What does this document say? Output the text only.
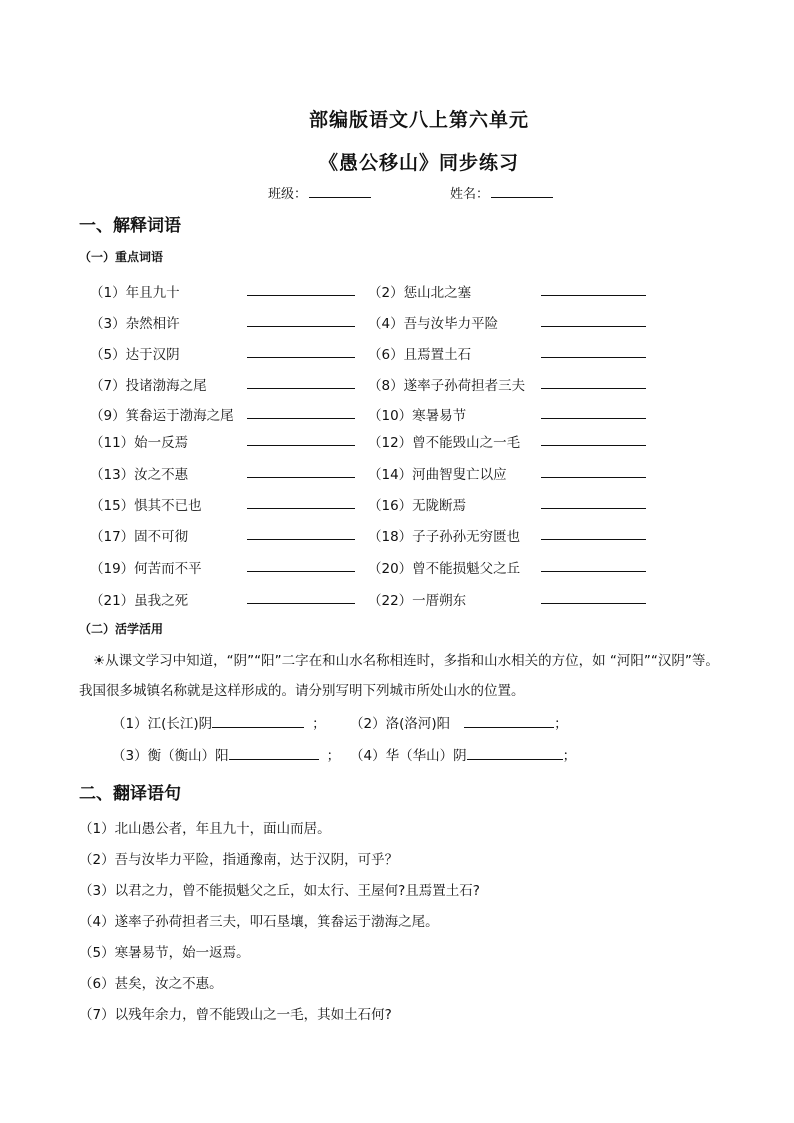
部编版语文八上第六单元
《愚公移山》同步练习
班级：	姓名：
一、解释词语
（一）重点词语
（1）年且九十	（2）惩山北之塞
（3）杂然相许	（4）吾与汝毕力平险
（5）达于汉阴	（6）且焉置土石
（7）投诸渤海之尾	（8）遂率子孙荷担者三夫
（9）箕畚运于渤海之尾	（10）寒暑易节
（11）始一反焉	（12）曾不能毁山之一毛
（13）汝之不惠	（14）河曲智叟亡以应
（15）惧其不已也	（16）无陇断焉
（17）固不可彻	（18）子子孙孙无穷匮也
（19）何苦而不平	（20）曾不能损魁父之丘
（21）虽我之死	（22）一厝朔东
（二）活学活用
☀从课文学习中知道，“阴”“阳”二字在和山水名称相连时，多指和山水相关的方位，如 “河阳”“汉阴”等。我国很多城镇名称就是这样形成的。请分别写明下列城市所处山水的位置。
（1）江(长江)阴	； （2）洛(洛河)阳	；
（3）衡（衡山）阳	； （4）华（华山）阴	；
二、翻译语句
（1）北山愚公者，年且九十，面山而居。
（2）吾与汝毕力平险，指通豫南，达于汉阴，可乎？
（3）以君之力，曾不能损魁父之丘，如太行、王屋何?且焉置土石?
（4）遂率子孙荷担者三夫，叩石垦壤，箕畚运于渤海之尾。
（5）寒暑易节，始一返焉。
（6）甚矣，汝之不惠。
（7）以残年余力，曾不能毁山之一毛，其如土石何?
